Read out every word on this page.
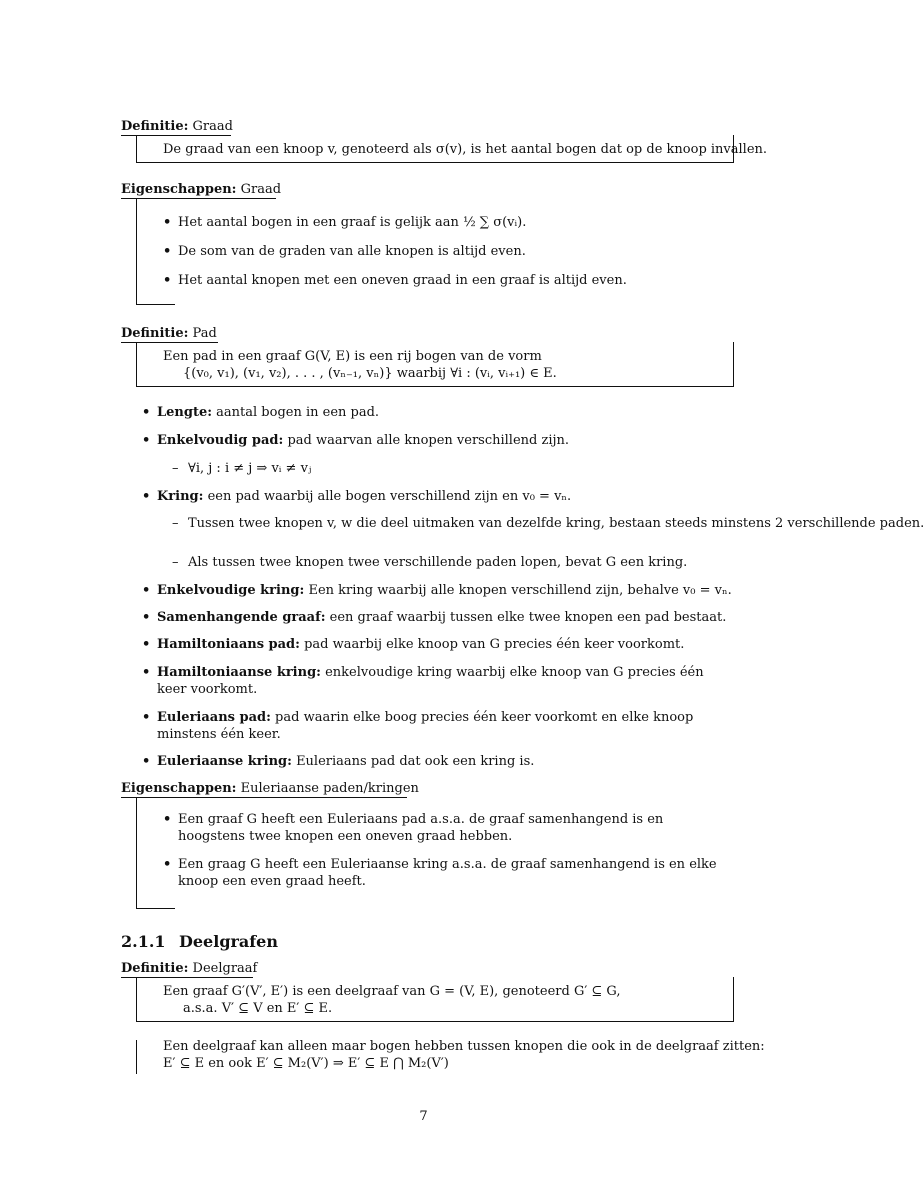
Definitie: Graad
De graad van een knoop v, genoteerd als σ(v), is het aantal bogen dat op de knoop invallen.
Eigenschappen: Graad
• Het aantal bogen in een graaf is gelijk aan ½ ∑ σ(vᵢ).
• De som van de graden van alle knopen is altijd even.
• Het aantal knopen met een oneven graad in een graaf is altijd even.
Definitie: Pad
Een pad in een graaf G(V, E) is een rij bogen van de vorm
{(v₀, v₁), (v₁, v₂), . . . , (vₙ₋₁, vₙ)} waarbij ∀i : (vᵢ, vᵢ₊₁) ∈ E.
• Lengte: aantal bogen in een pad.
• Enkelvoudig pad: pad waarvan alle knopen verschillend zijn.
– ∀i, j : i ≠ j ⇒ vᵢ ≠ vⱼ
• Kring: een pad waarbij alle bogen verschillend zijn en v₀ = vₙ.
– Tussen twee knopen v, w die deel uitmaken van dezelfde kring, bestaan steeds minstens 2 verschillende paden.
– Als tussen twee knopen twee verschillende paden lopen, bevat G een kring.
• Enkelvoudige kring: Een kring waarbij alle knopen verschillend zijn, behalve v₀ = vₙ.
• Samenhangende graaf: een graaf waarbij tussen elke twee knopen een pad bestaat.
• Hamiltoniaans pad: pad waarbij elke knoop van G precies één keer voorkomt.
• Hamiltoniaanse kring: enkelvoudige kring waarbij elke knoop van G precies één keer voorkomt.
• Euleriaans pad: pad waarin elke boog precies één keer voorkomt en elke knoop minstens één keer.
• Euleriaanse kring: Euleriaans pad dat ook een kring is.
Eigenschappen: Euleriaanse paden/kringen
• Een graaf G heeft een Euleriaans pad a.s.a. de graaf samenhangend is en hoogstens twee knopen een oneven graad hebben.
• Een graag G heeft een Euleriaanse kring a.s.a. de graaf samenhangend is en elke knoop een even graad heeft.
2.1.1 Deelgrafen
Definitie: Deelgraaf
Een graaf G′(V′, E′) is een deelgraaf van G = (V, E), genoteerd G′ ⊆ G,
a.s.a. V′ ⊆ V en E′ ⊆ E.
Een deelgraaf kan alleen maar bogen hebben tussen knopen die ook in de deelgraaf zitten:
E′ ⊆ E en ook E′ ⊆ M₂(V′) ⇒ E′ ⊆ E ⋂ M₂(V′)
7
